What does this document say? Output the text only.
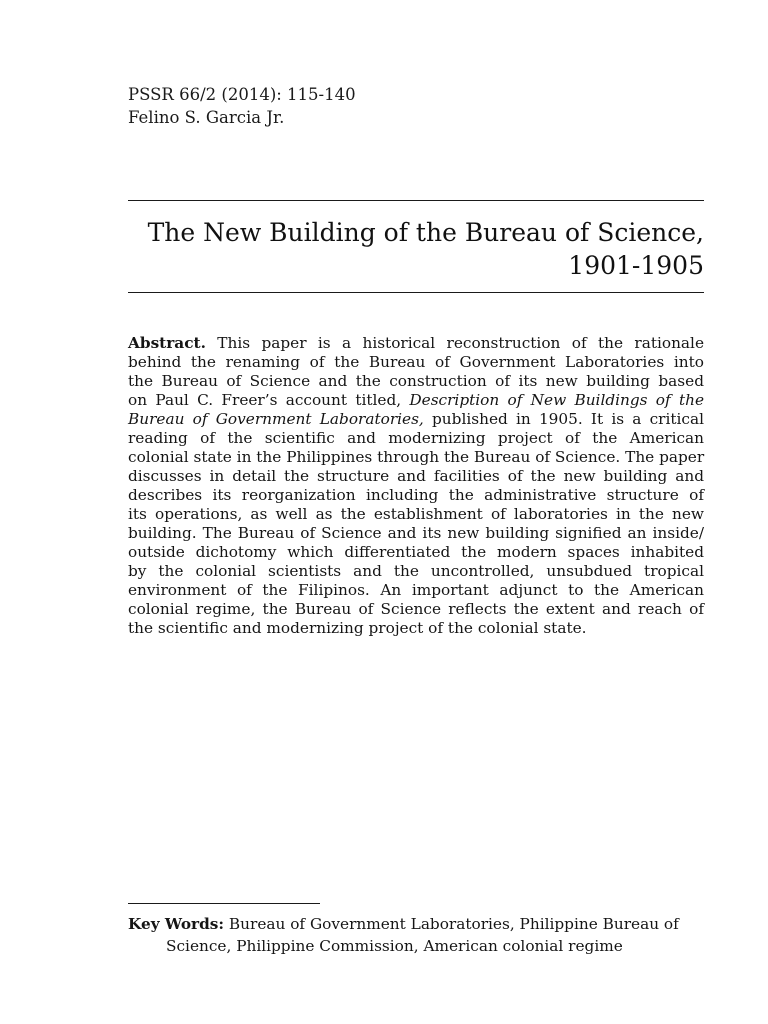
PSSR 66/2 (2014): 115-140
Felino S. Garcia Jr.
The New Building of the Bureau of Science,
1901-1905
Abstract. This paper is a historical reconstruction of the rationale
behind the renaming of the Bureau of Government Laboratories into
the Bureau of Science and the construction of its new building based
on Paul C. Freer’s account titled, Description of New Buildings of the
Bureau of Government Laboratories, published in 1905. It is a critical
reading of the scientific and modernizing project of the American
colonial state in the Philippines through the Bureau of Science. The paper
discusses in detail the structure and facilities of the new building and
describes its reorganization including the administrative structure of
its operations, as well as the establishment of laboratories in the new
building. The Bureau of Science and its new building signified an inside/
outside dichotomy which differentiated the modern spaces inhabited
by the colonial scientists and the uncontrolled, unsubdued tropical
environment of the Filipinos. An important adjunct to the American
colonial regime, the Bureau of Science reflects the extent and reach of
the scientific and modernizing project of the colonial state.
Key Words: Bureau of Government Laboratories, Philippine Bureau of
Science, Philippine Commission, American colonial regime
